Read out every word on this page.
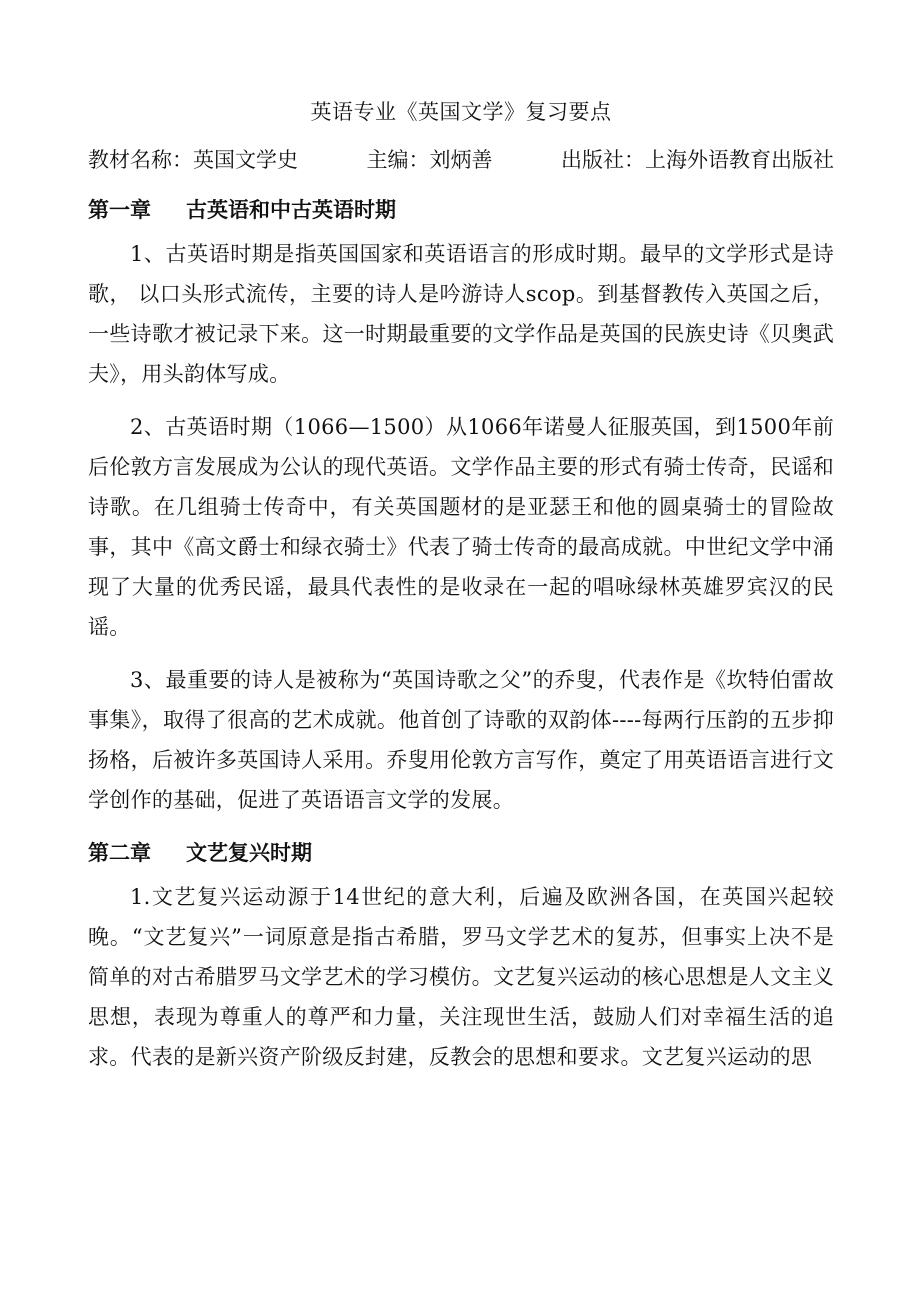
英语专业《英国文学》复习要点
教材名称：英国文学史	主编：刘炳善	出版社：上海外语教育出版社
第一章 古英语和中古英语时期

1、古英语时期是指英国国家和英语语言的形成时期。最早的文学形式是诗歌， 以口头形式流传，主要的诗人是吟游诗人scop。到基督教传入英国之后，一些诗歌才被记录下来。这一时期最重要的文学作品是英国的民族史诗《贝奥武夫》，用头韵体写成。

2、古英语时期（1066—1500）从1066年诺曼人征服英国，到1500年前后伦敦方言发展成为公认的现代英语。文学作品主要的形式有骑士传奇，民谣和诗歌。在几组骑士传奇中，有关英国题材的是亚瑟王和他的圆桌骑士的冒险故事，其中《高文爵士和绿衣骑士》代表了骑士传奇的最高成就。中世纪文学中涌现了大量的优秀民谣，最具代表性的是收录在一起的唱咏绿林英雄罗宾汉的民谣。

3、最重要的诗人是被称为“英国诗歌之父”的乔叟，代表作是《坎特伯雷故事集》，取得了很高的艺术成就。他首创了诗歌的双韵体----每两行压韵的五步抑扬格，后被许多英国诗人采用。乔叟用伦敦方言写作，奠定了用英语语言进行文学创作的基础，促进了英语语言文学的发展。

第二章 文艺复兴时期

1.文艺复兴运动源于14世纪的意大利，后遍及欧洲各国，在英国兴起较晚。“文艺复兴”一词原意是指古希腊，罗马文学艺术的复苏，但事实上决不是简单的对古希腊罗马文学艺术的学习模仿。文艺复兴运动的核心思想是人文主义思想，表现为尊重人的尊严和力量，关注现世生活，鼓励人们对幸福生活的追求。代表的是新兴资产阶级反封建，反教会的思想和要求。文艺复兴运动的思
